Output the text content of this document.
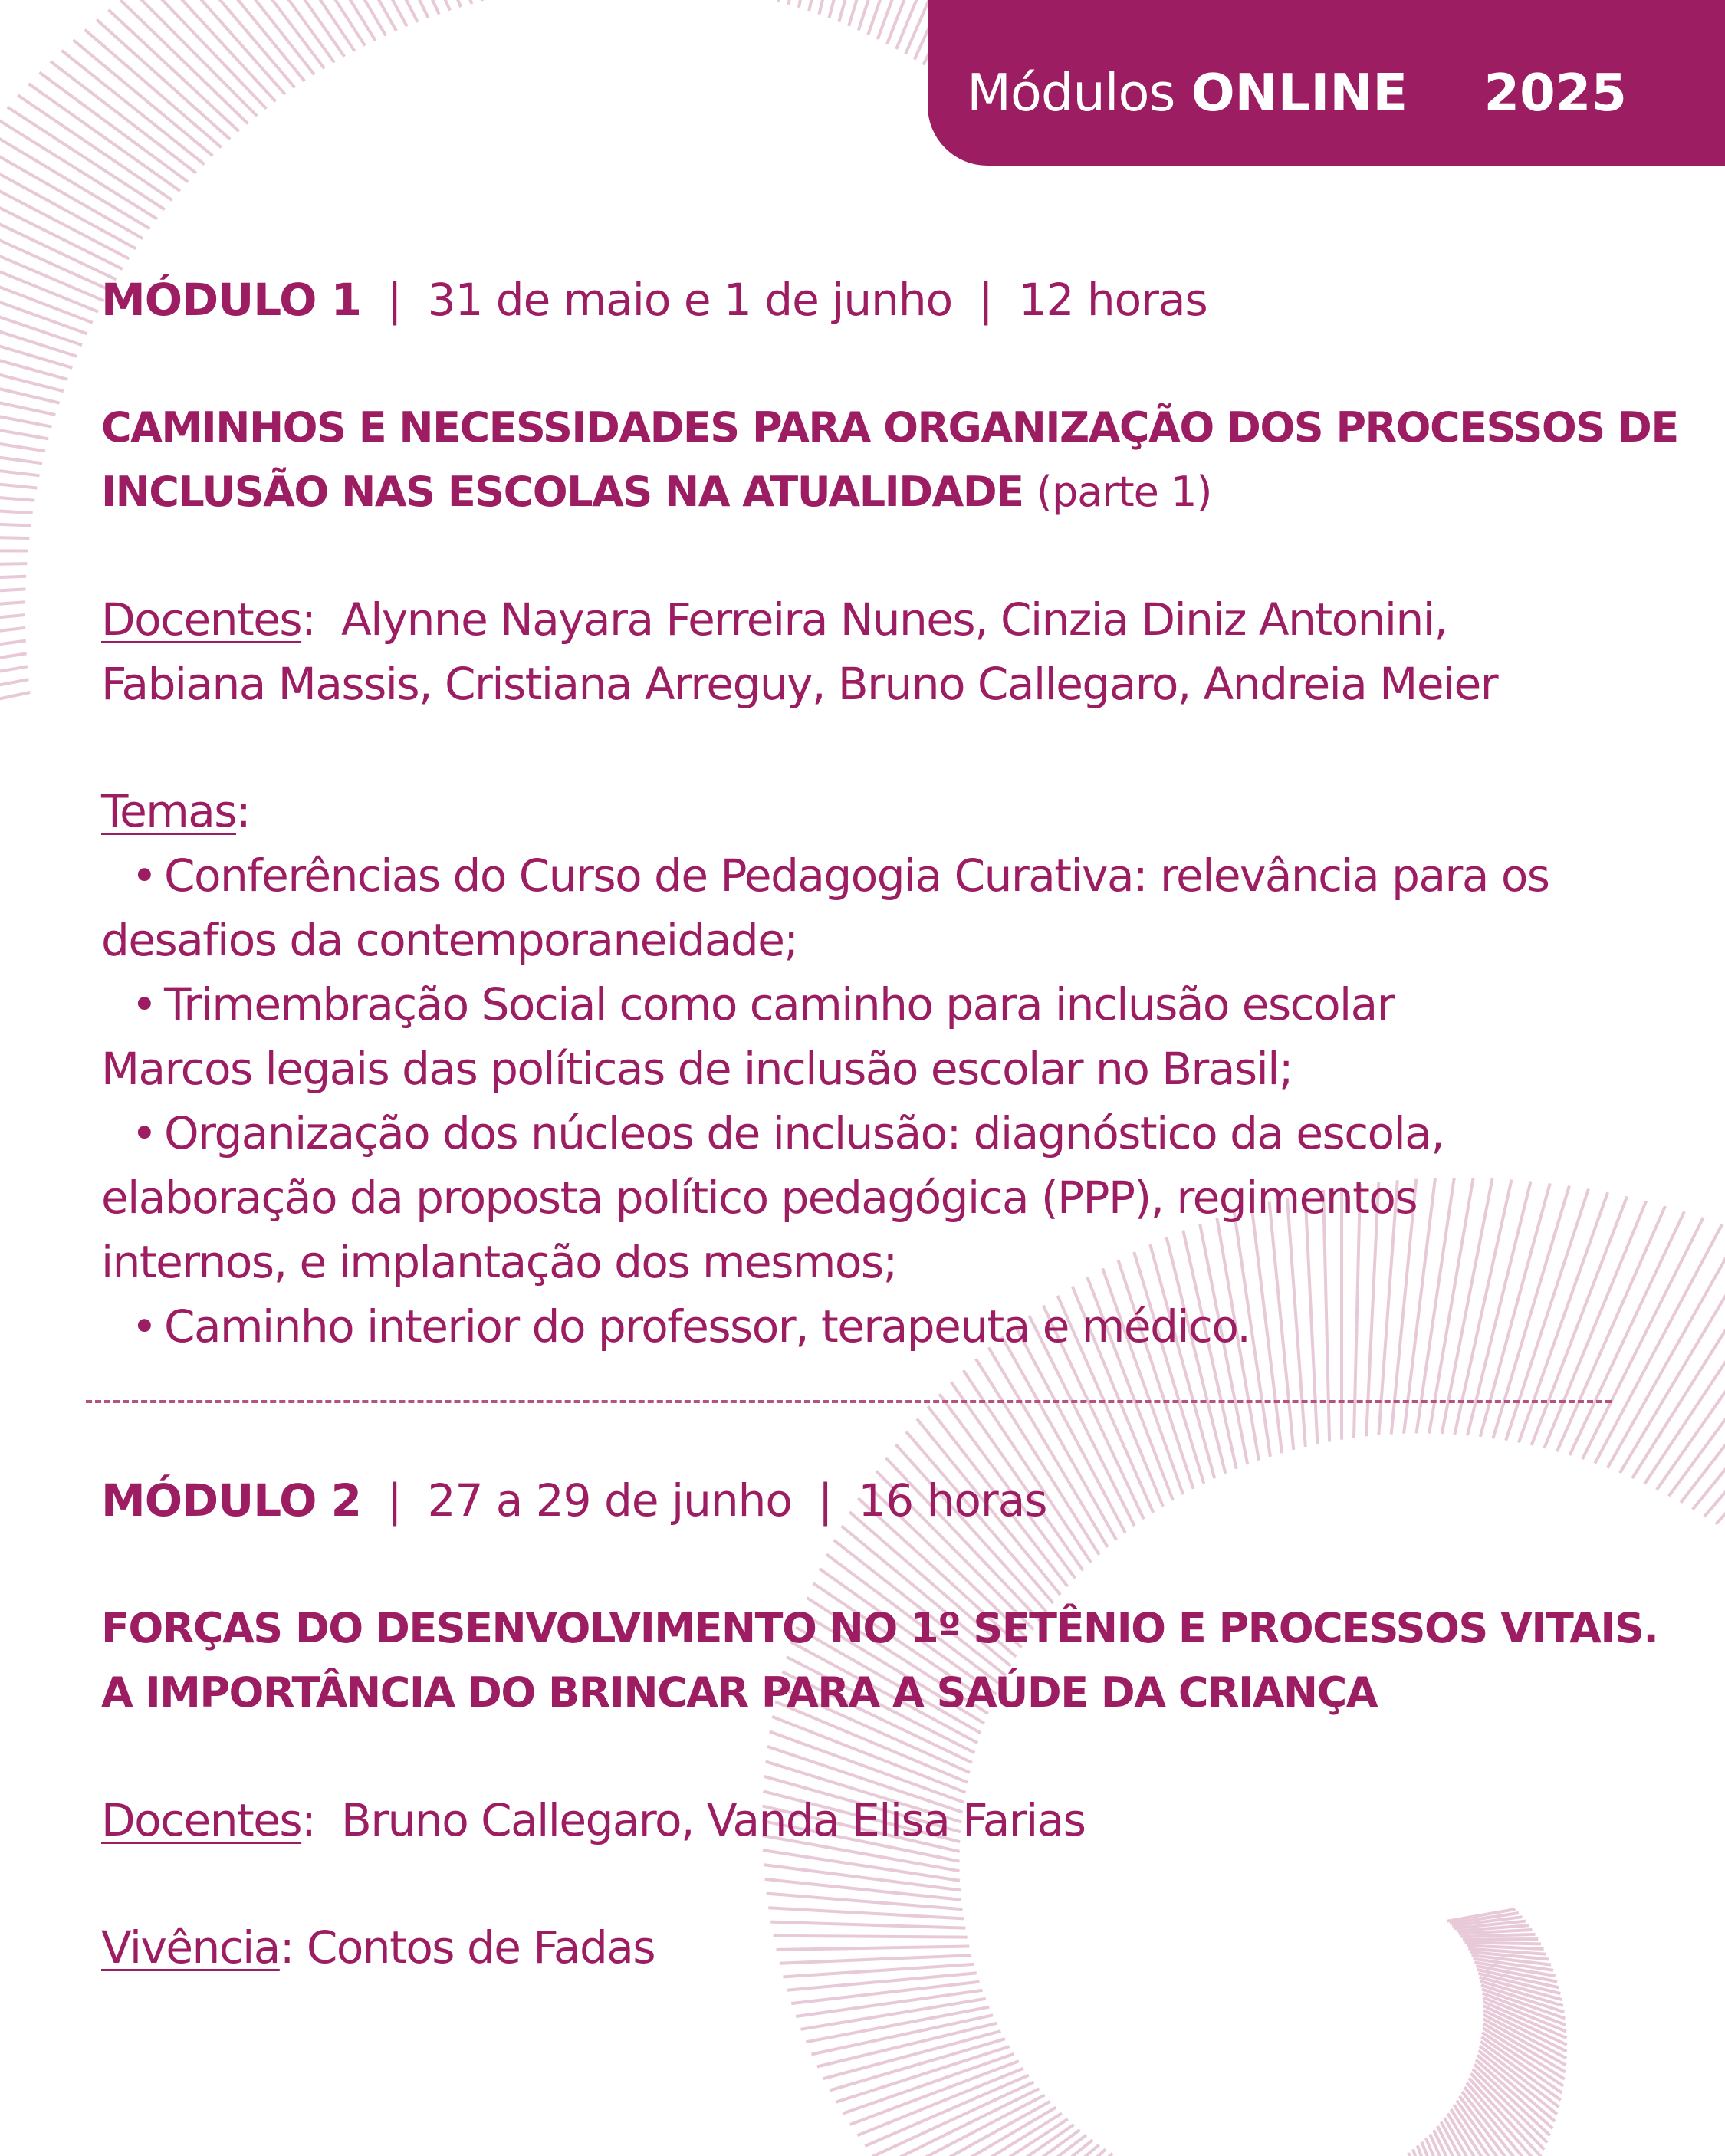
Módulos ONLINE 2025
MÓDULO 1 | 31 de maio e 1 de junho | 12 horas
CAMINHOS E NECESSIDADES PARA ORGANIZAÇÃO DOS PROCESSOS DE
INCLUSÃO NAS ESCOLAS NA ATUALIDADE (parte 1)
Docentes:  Alynne Nayara Ferreira Nunes, Cinzia Diniz Antonini,
Fabiana Massis, Cristiana Arreguy, Bruno Callegaro, Andreia Meier
Temas:
• Conferências do Curso de Pedagogia Curativa: relevância para os
desafios da contemporaneidade;
• Trimembração Social como caminho para inclusão escolar
Marcos legais das políticas de inclusão escolar no Brasil;
• Organização dos núcleos de inclusão: diagnóstico da escola,
elaboração da proposta político pedagógica (PPP), regimentos
internos, e implantação dos mesmos;
• Caminho interior do professor, terapeuta e médico.
MÓDULO 2 | 27 a 29 de junho | 16 horas
FORÇAS DO DESENVOLVIMENTO NO 1º SETÊNIO E PROCESSOS VITAIS.
A IMPORTÂNCIA DO BRINCAR PARA A SAÚDE DA CRIANÇA
Docentes:  Bruno Callegaro, Vanda Elisa Farias
Vivência: Contos de Fadas
